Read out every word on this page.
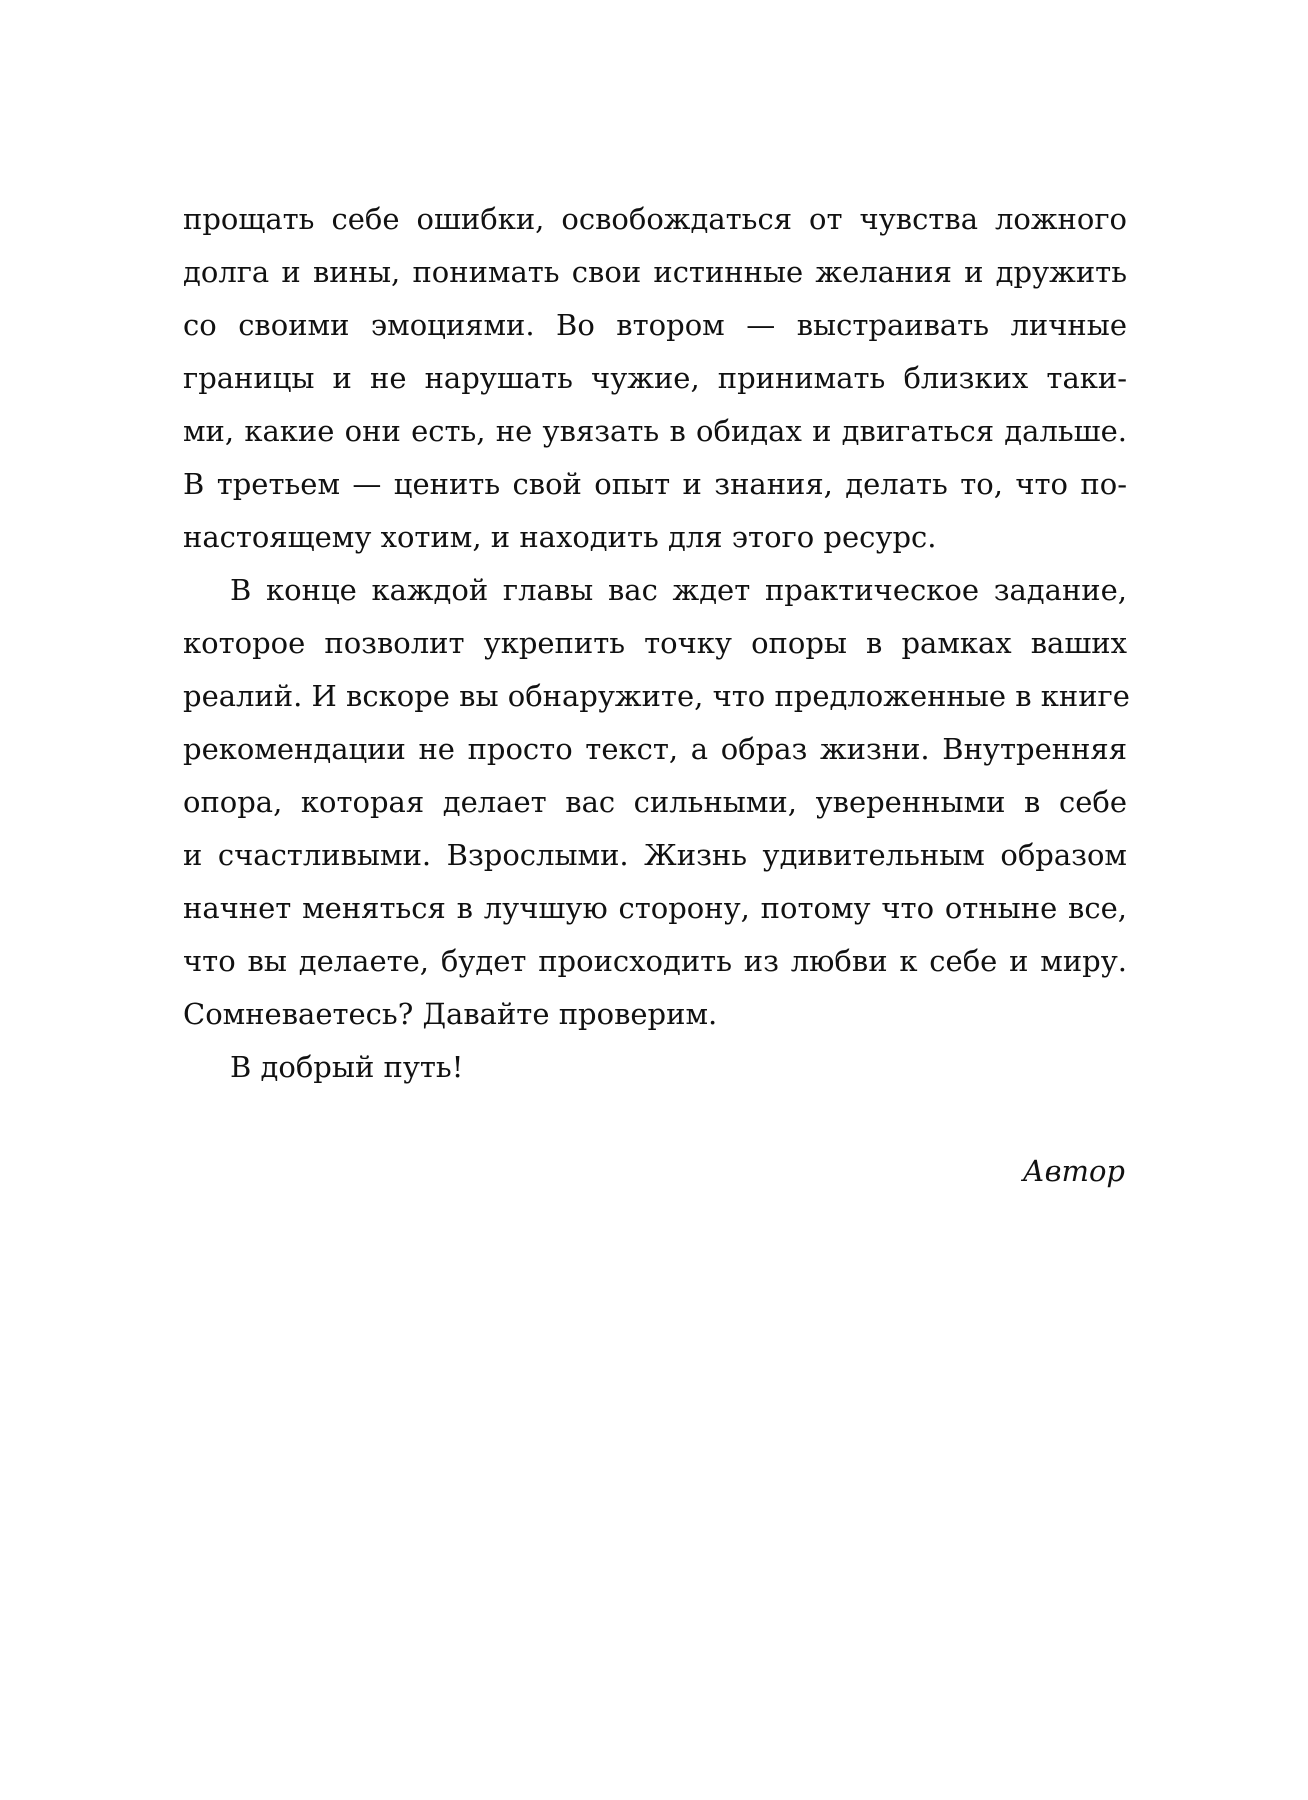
прощать себе ошибки, освобождаться от чувства ложного
долга и вины, понимать свои истинные желания и дружить
со своими эмоциями. Во втором — выстраивать личные
границы и не нарушать чужие, принимать близких таки-
ми, какие они есть, не увязать в обидах и двигаться дальше.
В третьем — ценить свой опыт и знания, делать то, что по-
настоящему хотим, и находить для этого ресурс.
В конце каждой главы вас ждет практическое задание,
которое позволит укрепить точку опоры в рамках ваших
реалий. И вскоре вы обнаружите, что предложенные в книге
рекомендации не просто текст, а образ жизни. Внутренняя
опора, которая делает вас сильными, уверенными в себе
и счастливыми. Взрослыми. Жизнь удивительным образом
начнет меняться в лучшую сторону, потому что отныне все,
что вы делаете, будет происходить из любви к себе и миру.
Сомневаетесь? Давайте проверим.
В добрый путь!
Автор
